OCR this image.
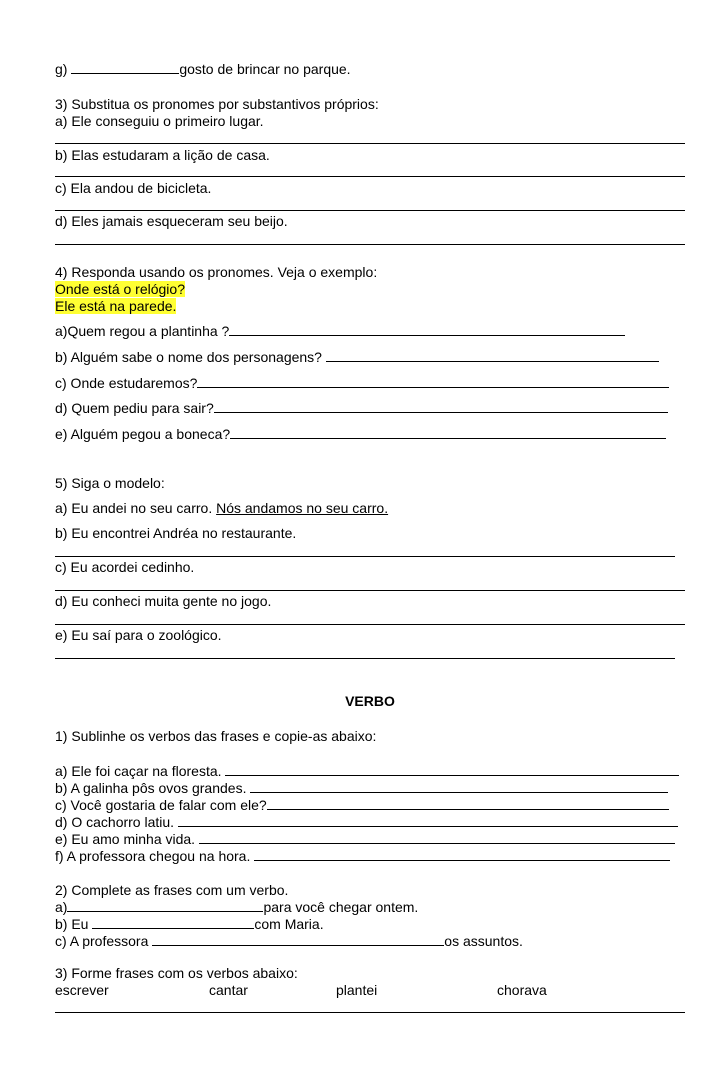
g)	gosto de brincar no parque.
3) Substitua os pronomes por substantivos próprios:
a) Ele conseguiu o primeiro lugar.
b) Elas estudaram a lição de casa.
c) Ela andou de bicicleta.
d) Eles jamais esqueceram seu beijo.
4) Responda usando os pronomes. Veja o exemplo:
Onde está o relógio?
Ele está na parede.
a)Quem regou a plantinha ?
b) Alguém sabe o nome dos personagens?
c) Onde estudaremos?
d) Quem pediu para sair?
e) Alguém pegou a boneca?
5) Siga o modelo:
a) Eu andei no seu carro. Nós andamos no seu carro.
b) Eu encontrei Andréa no restaurante.
c) Eu acordei cedinho.
d) Eu conheci muita gente no jogo.
e) Eu saí para o zoológico.
VERBO
1) Sublinhe os verbos das frases e copie-as abaixo:
a) Ele foi caçar na floresta.
b) A galinha pôs ovos grandes.
c) Você gostaria de falar com ele?
d) O cachorro latiu.
e) Eu amo minha vida.
f) A professora chegou na hora.
2) Complete as frases com um verbo.
a)	para você chegar ontem.
b) Eu	com Maria.
c) A professora	os assuntos.
3) Forme frases com os verbos abaixo:
escrever	cantar	plantei	chorava
